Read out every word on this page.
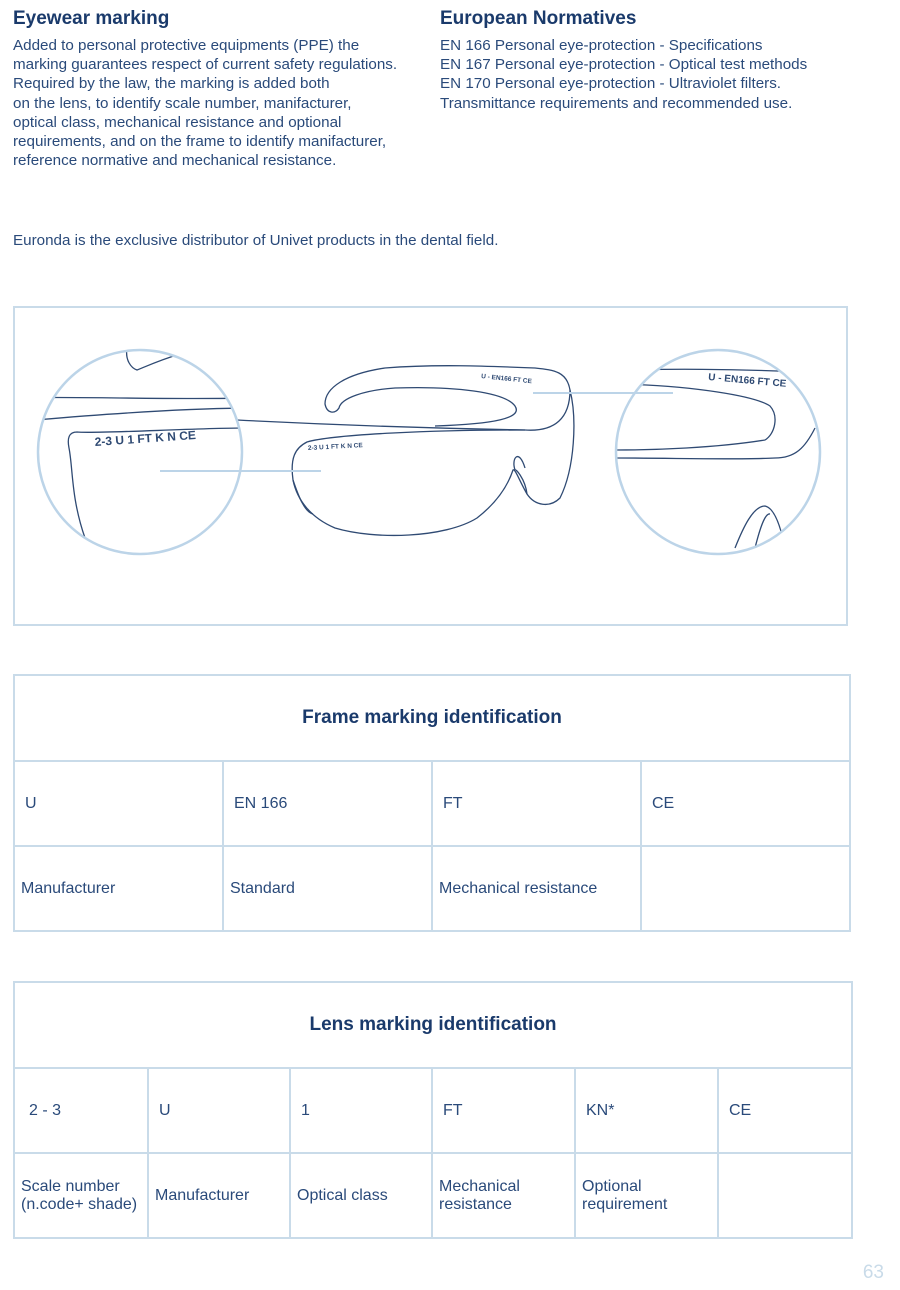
Eyewear marking

Added to personal protective equipments (PPE) the
marking guarantees respect of current safety regulations.
Required by the law, the marking is added both
on the lens, to identify scale number, manifacturer,
optical class, mechanical resistance and optional
requirements, and on the frame to identify manifacturer,
reference normative and mechanical resistance.

European Normatives

EN 166 Personal eye-protection - Specifications
EN 167 Personal eye-protection - Optical test methods
EN 170 Personal eye-protection - Ultraviolet filters.
Transmittance requirements and recommended use.

Euronda is the exclusive distributor of Univet products in the dental field.
2-3 U 1 FT K N CE
U - EN166 FT CE
2-3 U 1 FT K N CE
U - EN166 FT CE
Frame marking identification			
U	EN 166	FT	CE
Manufacturer	Standard	Mechanical resistance	
Lens marking identification					
2 - 3	U	1	FT	KN*	CE
Scale number (n.code+ shade)	Manufacturer	Optical class	Mechanical resistance	Optional requirement	
63
